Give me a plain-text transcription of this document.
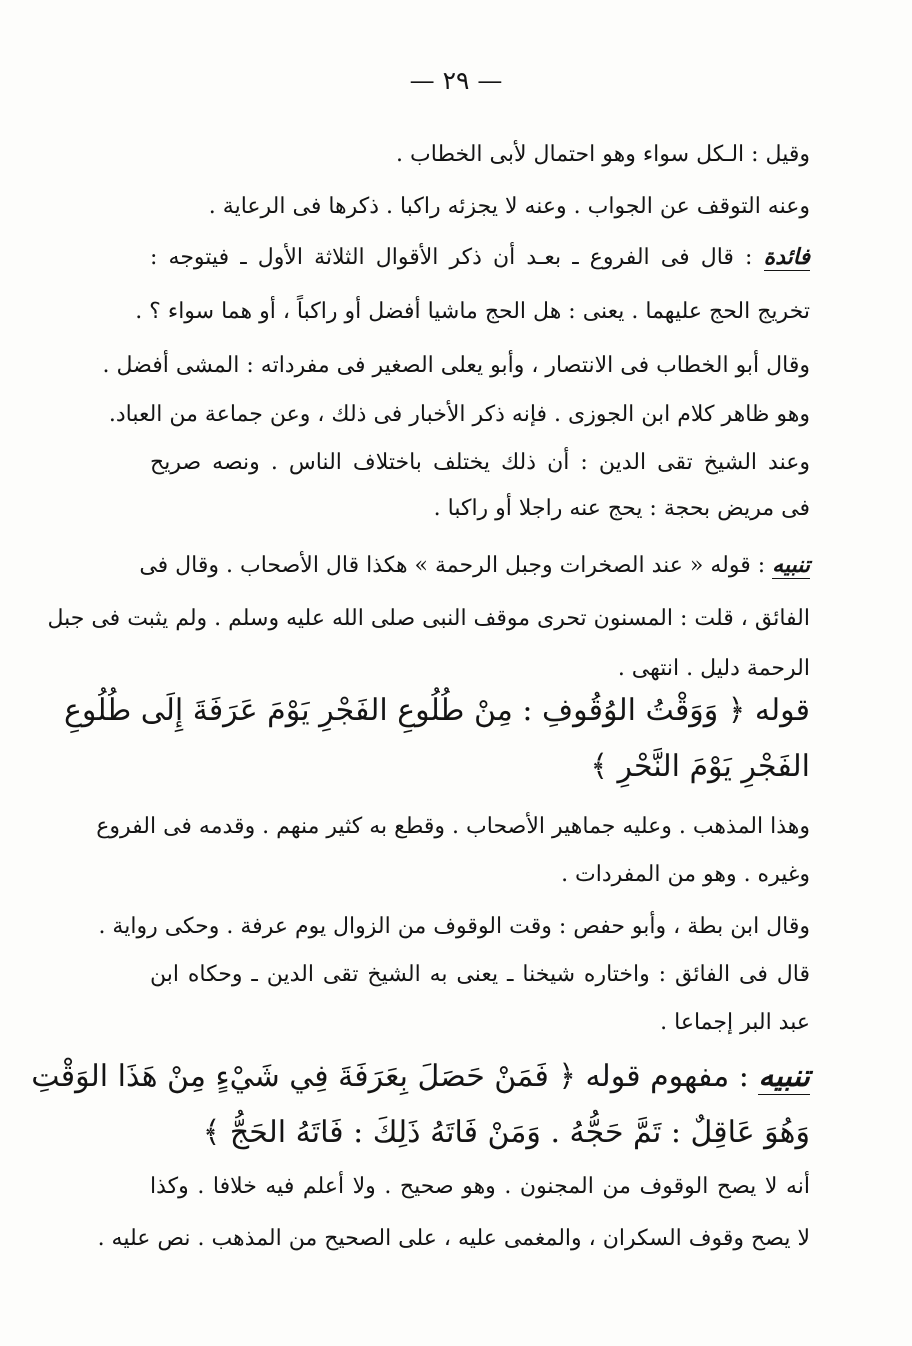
— ٢٩ —
وقيل : الـكل سواء وهو احتمال لأبى الخطاب .
وعنه التوقف عن الجواب . وعنه لا يجزئه راكبا . ذكرها فى الرعاية .
فائدة : قال فى الفروع ـ بعـد أن ذكر الأقوال الثلاثة الأول ـ فيتوجه :
تخريج الحج عليهما . يعنى : هل الحج ماشيا أفضل أو راكباً ، أو هما سواء ؟ .
وقال أبو الخطاب فى الانتصار ، وأبو يعلى الصغير فى مفرداته : المشى أفضل .
وهو ظاهر كلام ابن الجوزى . فإنه ذكر الأخبار فى ذلك ، وعن جماعة من العباد.
وعند الشيخ تقى الدين : أن ذلك يختلف باختلاف الناس . ونصه صريح
فى مريض بحجة : يحج عنه راجلا أو راكبا .
تنبيه : قوله « عند الصخرات وجبل الرحمة » هكذا قال الأصحاب . وقال فى
الفائق ، قلت : المسنون تحرى موقف النبى صلى الله عليه وسلم . ولم يثبت فى جبل
الرحمة دليل . انتهى .
قوله ﴿ وَوَقْتُ الوُقُوفِ : مِنْ طُلُوعِ الفَجْرِ يَوْمَ عَرَفَةَ إِلَى طُلُوعِ
الفَجْرِ يَوْمَ النَّحْرِ ﴾
وهذا المذهب . وعليه جماهير الأصحاب . وقطع به كثير منهم . وقدمه فى الفروع
وغيره . وهو من المفردات .
وقال ابن بطة ، وأبو حفص : وقت الوقوف من الزوال يوم عرفة . وحكى رواية .
قال فى الفائق : واختاره شيخنا ـ يعنى به الشيخ تقى الدين ـ وحكاه ابن
عبد البر إجماعا .
تنبيه : مفهوم قوله ﴿ فَمَنْ حَصَلَ بِعَرَفَةَ فِي شَيْءٍ مِنْ هَذَا الوَقْتِ
وَهُوَ عَاقِلٌ : تَمَّ حَجُّهُ . وَمَنْ فَاتَهُ ذَلِكَ : فَاتَهُ الحَجُّ ﴾
أنه لا يصح الوقوف من المجنون . وهو صحيح . ولا أعلم فيه خلافا . وكذا
لا يصح وقوف السكران ، والمغمى عليه ، على الصحيح من المذهب . نص عليه .
